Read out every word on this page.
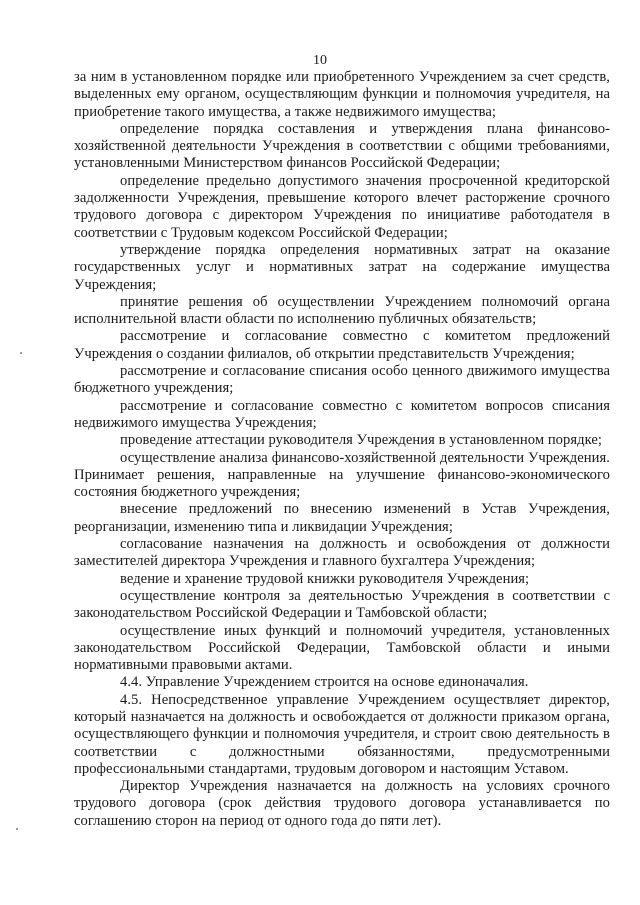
10

за ним в установленном порядке или приобретенного Учреждением за счет средств, выделенных ему органом, осуществляющим функции и полномочия учредителя, на приобретение такого имущества, а также недвижимого имущества;

определение порядка составления и утверждения плана финансово-хозяйственной деятельности Учреждения в соответствии с общими требованиями, установленными Министерством финансов Российской Федерации;

определение предельно допустимого значения просроченной кредиторской задолженности Учреждения, превышение которого влечет расторжение срочного трудового договора с директором Учреждения по инициативе работодателя в соответствии с Трудовым кодексом Российской Федерации;

утверждение порядка определения нормативных затрат на оказание государственных услуг и нормативных затрат на содержание имущества Учреждения;

принятие решения об осуществлении Учреждением полномочий органа исполнительной власти области по исполнению публичных обязательств;

рассмотрение и согласование совместно с комитетом предложений Учреждения о создании филиалов, об открытии представительств Учреждения;

рассмотрение и согласование списания особо ценного движимого имущества бюджетного учреждения;

рассмотрение и согласование совместно с комитетом вопросов списания недвижимого имущества Учреждения;

проведение аттестации руководителя Учреждения в установленном порядке;

осуществление анализа финансово-хозяйственной деятельности Учреждения. Принимает решения, направленные на улучшение финансово-экономического состояния бюджетного учреждения;

внесение предложений по внесению изменений в Устав Учреждения, реорганизации, изменению типа и ликвидации Учреждения;

согласование назначения на должность и освобождения от должности заместителей директора Учреждения и главного бухгалтера Учреждения;

ведение и хранение трудовой книжки руководителя Учреждения;

осуществление контроля за деятельностью Учреждения в соответствии с законодательством Российской Федерации и Тамбовской области;

осуществление иных функций и полномочий учредителя, установленных законодательством Российской Федерации, Тамбовской области и иными нормативными правовыми актами.

4.4. Управление Учреждением строится на основе единоначалия.

4.5. Непосредственное управление Учреждением осуществляет директор, который назначается на должность и освобождается от должности приказом органа, осуществляющего функции и полномочия учредителя, и строит свою деятельность в соответствии с должностными обязанностями, предусмотренными профессиональными стандартами, трудовым договором и настоящим Уставом.

Директор Учреждения назначается на должность на условиях срочного трудового договора (срок действия трудового договора устанавливается по соглашению сторон на период от одного года до пяти лет).
